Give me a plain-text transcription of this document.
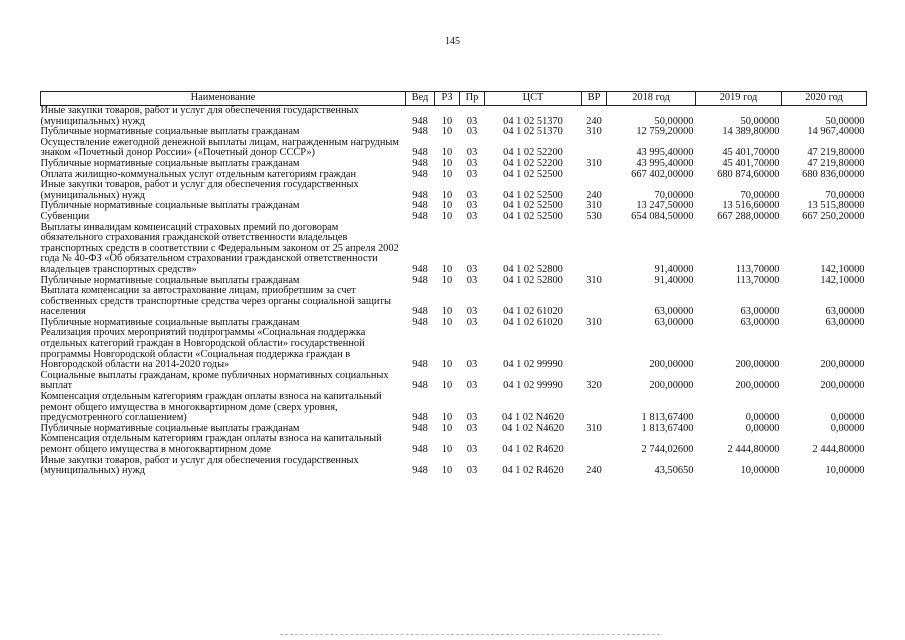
145
Наименование	Вед	РЗ	Пр	ЦСТ	ВР	2018 год	2019 год	2020 год
Иные закупки товаров, работ и услуг для обеспечения государственных (муниципальных) нужд	948	10	03	04 1 02 51370	240	50,00000	50,00000	50,00000
Публичные нормативные социальные выплаты гражданам	948	10	03	04 1 02 51370	310	12 759,20000	14 389,80000	14 967,40000
Осуществление ежегодной денежной выплаты лицам, награжденным нагрудным знаком «Почетный донор России» («Почетный донор СССР»)	948	10	03	04 1 02 52200		43 995,40000	45 401,70000	47 219,80000
Публичные нормативные социальные выплаты гражданам	948	10	03	04 1 02 52200	310	43 995,40000	45 401,70000	47 219,80000
Оплата жилищно-коммунальных услуг отдельным категориям граждан	948	10	03	04 1 02 52500		667 402,00000	680 874,60000	680 836,00000
Иные закупки товаров, работ и услуг для обеспечения государственных (муниципальных) нужд	948	10	03	04 1 02 52500	240	70,00000	70,00000	70,00000
Публичные нормативные социальные выплаты гражданам	948	10	03	04 1 02 52500	310	13 247,50000	13 516,60000	13 515,80000
Субвенции	948	10	03	04 1 02 52500	530	654 084,50000	667 288,00000	667 250,20000
Выплаты инвалидам компенсаций страховых премий по договорам обязательного страхования гражданской ответственности владельцев транспортных средств в соответствии с Федеральным законом от 25 апреля 2002 года № 40-ФЗ «Об обязательном страховании гражданской ответственности владельцев транспортных средств»	948	10	03	04 1 02 52800		91,40000	113,70000	142,10000
Публичные нормативные социальные выплаты гражданам	948	10	03	04 1 02 52800	310	91,40000	113,70000	142,10000
Выплата компенсации за автострахование лицам, приобретшим за счет собственных средств транспортные средства через органы социальной защиты населения	948	10	03	04 1 02 61020		63,00000	63,00000	63,00000
Публичные нормативные социальные выплаты гражданам	948	10	03	04 1 02 61020	310	63,00000	63,00000	63,00000
Реализация прочих мероприятий подпрограммы «Социальная поддержка отдельных категорий граждан в Новгородской области» государственной программы Новгородской области «Социальная поддержка граждан в Новгородской области на 2014-2020 годы»	948	10	03	04 1 02 99990		200,00000	200,00000	200,00000
Социальные выплаты гражданам, кроме публичных нормативных социальных выплат	948	10	03	04 1 02 99990	320	200,00000	200,00000	200,00000
Компенсация отдельным категориям граждан оплаты взноса на капитальный ремонт общего имущества в многоквартирном доме (сверх уровня, предусмотренного соглашением)	948	10	03	04 1 02 N4620		1 813,67400	0,00000	0,00000
Публичные нормативные социальные выплаты гражданам	948	10	03	04 1 02 N4620	310	1 813,67400	0,00000	0,00000
Компенсация отдельным категориям граждан оплаты взноса на капитальный ремонт общего имущества в многоквартирном доме	948	10	03	04 1 02 R4620		2 744,02600	2 444,80000	2 444,80000
Иные закупки товаров, работ и услуг для обеспечения государственных (муниципальных) нужд	948	10	03	04 1 02 R4620	240	43,50650	10,00000	10,00000
